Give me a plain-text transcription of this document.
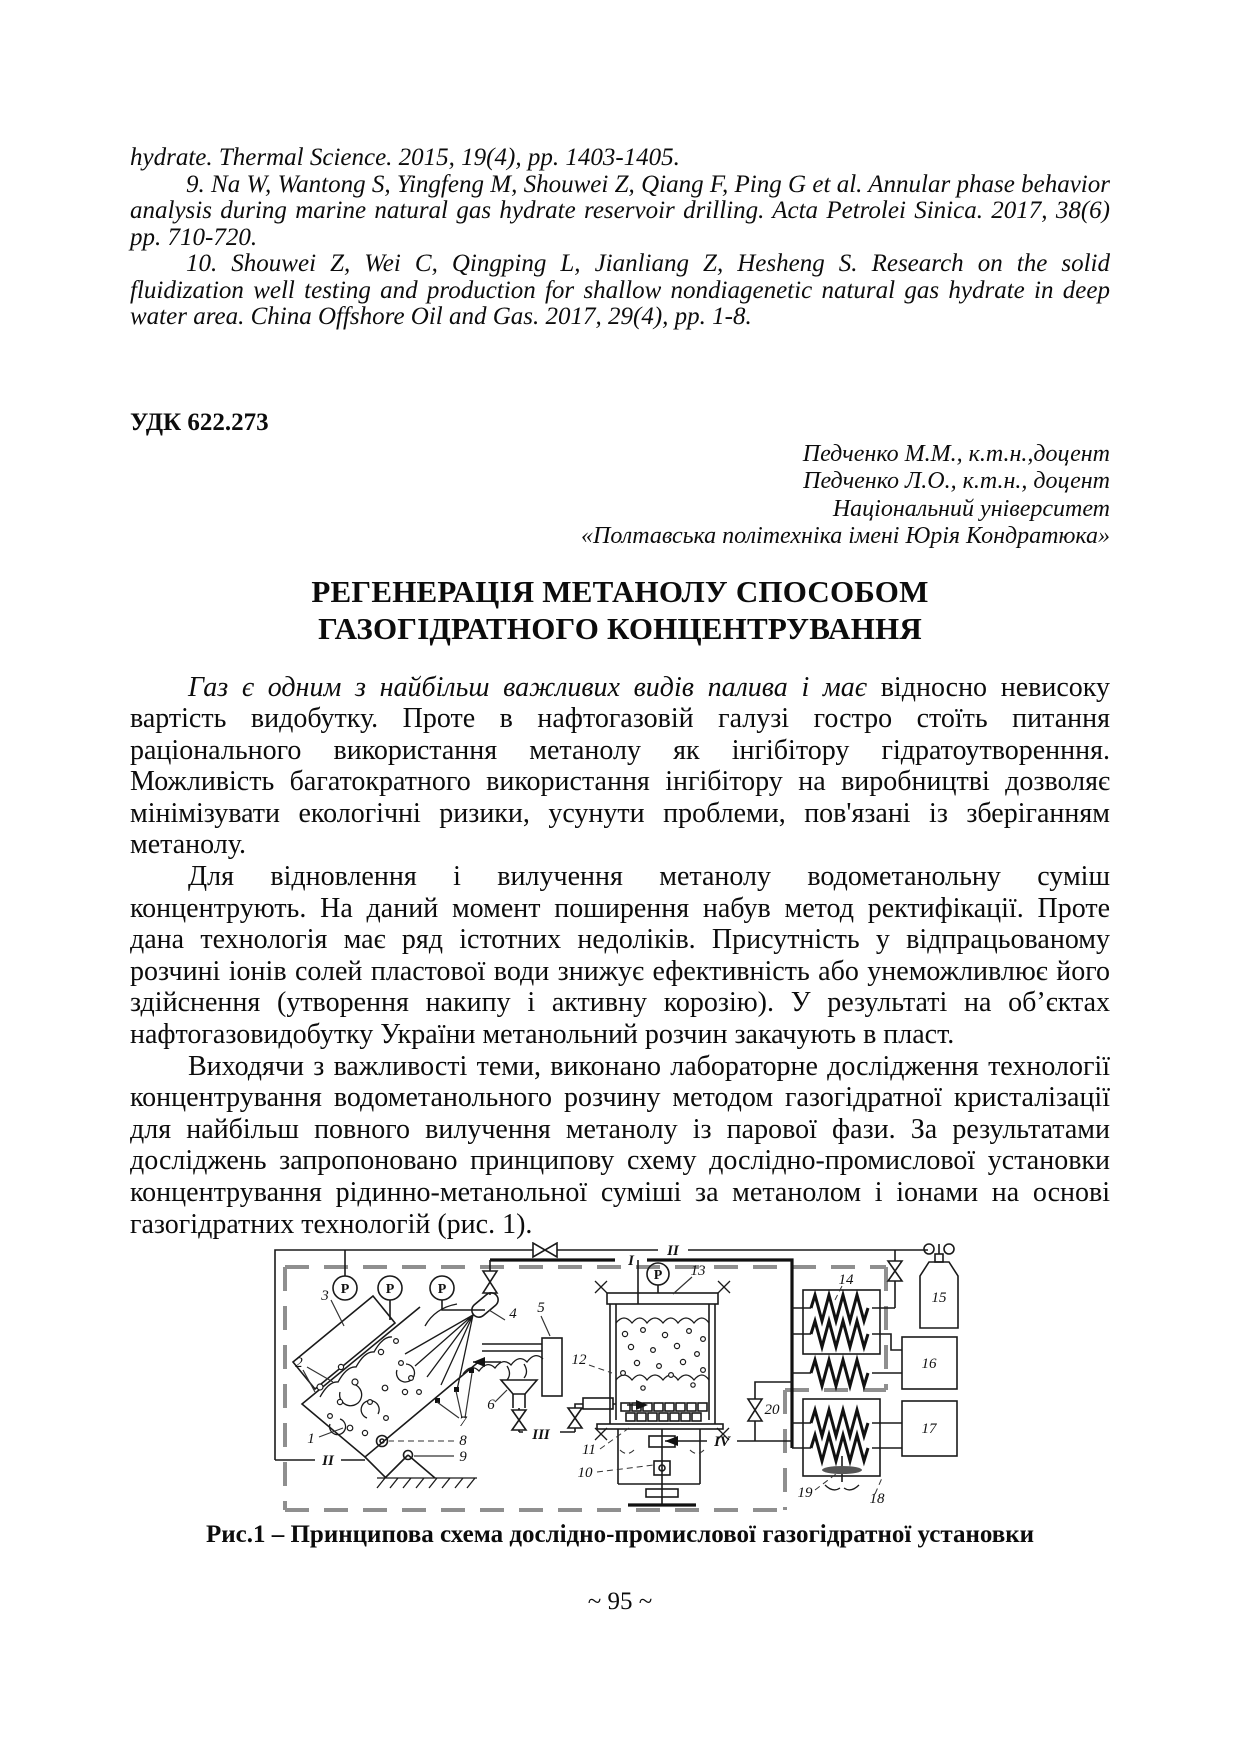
hydrate. Thermal Science. 2015, 19(4), pp. 1403-1405.

9. Na W, Wantong S, Yingfeng M, Shouwei Z, Qiang F, Ping G et al. Annular phase behavior analysis during marine natural gas hydrate reservoir drilling. Acta Petrolei Sinica. 2017, 38(6) pp. 710-720.

10. Shouwei Z, Wei C, Qingping L, Jianliang Z, Hesheng S. Research on the solid fluidization well testing and production for shallow nondiagenetic natural gas hydrate in deep water area. China Offshore Oil and Gas. 2017, 29(4), pp. 1-8.

УДК 622.273
Педченко М.М., к.т.н.,доцент
Педченко Л.О., к.т.н., доцент
Національний університет
«Полтавська політехніка імені Юрія Кондратюка»
РЕГЕНЕРАЦІЯ МЕТАНОЛУ СПОСОБОМ
ГАЗОГІДРАТНОГО КОНЦЕНТРУВАННЯ

Газ є одним з найбільш важливих видів палива і має відносно невисоку вартість видобутку. Проте в нафтогазовій галузі гостро стоїть питання раціонального використання метанолу як інгібітору гідратоутворенння. Можливість багатократного використання інгібітору на виробництві дозволяє мінімізувати екологічні ризики, усунути проблеми, пов'язані із зберіганням метанолу.

Для відновлення і вилучення метанолу водометанольну суміш концентрують. На даний момент поширення набув метод ректифікації. Проте дана технологія має ряд істотних недоліків. Присутність у відпрацьованому розчині іонів солей пластової води знижує ефективність або унеможливлює його здійснення (утворення накипу і активну корозію). У результаті на об’єктах нафтогазовидобутку України метанольний розчин закачують в пласт.

Виходячи з важливості теми, виконано лабораторне дослідження технології концентрування водометанольного розчину методом газогідратної кристалізації для найбільш повного вилучення метанолу із парової фази. За результатами досліджень запропоновано принципову схему дослідно-промислової установки концентрування рідинно-метанольної суміші за метанолом і іонами на основі газогідратних технологій (рис. 1).

P	P	P
P
3
2
1
4 5
6
7
8
9
10
11
12
13
14
15
16
17
18
19
20
I
II
II
III	IV
Рис.1 – Принципова схема дослідно-промислової газогідратної установки
~ 95 ~
